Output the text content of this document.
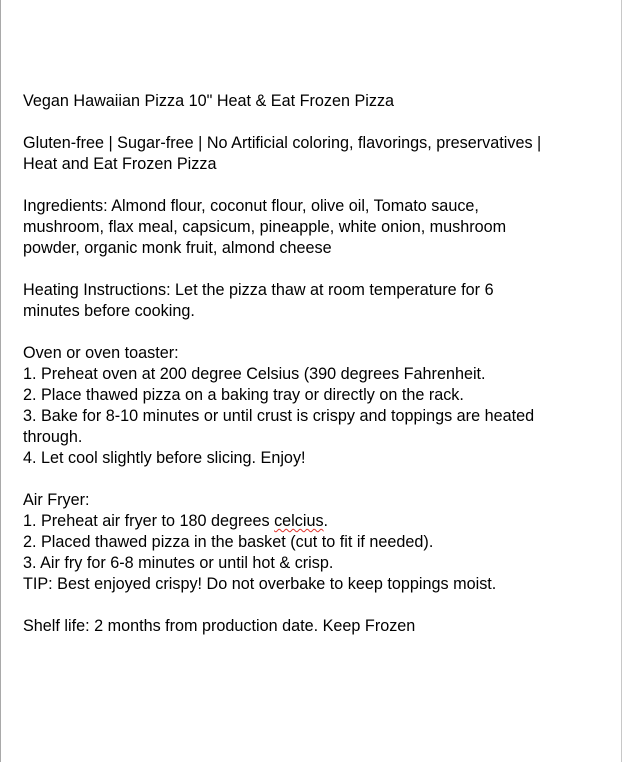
Vegan Hawaiian Pizza 10" Heat & Eat Frozen Pizza
Gluten-free | Sugar-free | No Artificial coloring, flavorings, preservatives |
Heat and Eat Frozen Pizza
Ingredients: Almond flour, coconut flour, olive oil, Tomato sauce,
mushroom, flax meal, capsicum, pineapple, white onion, mushroom
powder, organic monk fruit, almond cheese
Heating Instructions: Let the pizza thaw at room temperature for 6
minutes before cooking.
Oven or oven toaster:
1. Preheat oven at 200 degree Celsius (390 degrees Fahrenheit.
2. Place thawed pizza on a baking tray or directly on the rack.
3. Bake for 8-10 minutes or until crust is crispy and toppings are heated
through.
4. Let cool slightly before slicing. Enjoy!
Air Fryer:
1. Preheat air fryer to 180 degrees celcius.
2. Placed thawed pizza in the basket (cut to fit if needed).
3. Air fry for 6-8 minutes or until hot & crisp.
TIP: Best enjoyed crispy! Do not overbake to keep toppings moist.
Shelf life: 2 months from production date. Keep Frozen
